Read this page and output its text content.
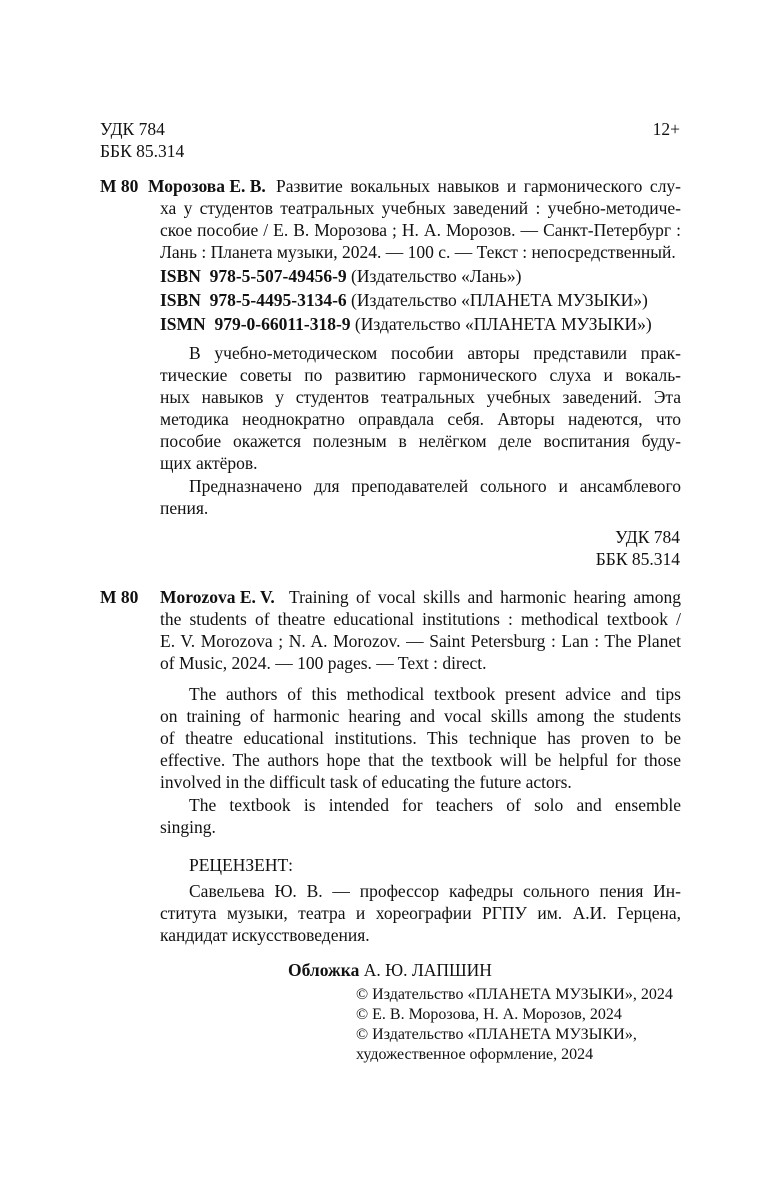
УДК 784
ББК 85.314
12+
М 80 Морозова Е. В. Развитие вокальных навыков и гармонического слу-
ха у студентов театральных учебных заведений : учебно-методиче-
ское пособие / Е. В. Морозова ; Н. А. Морозов. — Санкт-Петербург :
Лань : Планета музыки, 2024. — 100 с. — Текст : непосредственный.
ISBN  978-5-507-49456-9 (Издательство «Лань»)
ISBN  978-5-4495-3134-6 (Издательство «ПЛАНЕТА МУЗЫКИ»)
ISMN  979-0-66011-318-9 (Издательство «ПЛАНЕТА МУЗЫКИ»)
В учебно-методическом пособии авторы представили прак-
тические советы по развитию гармонического слуха и вокаль-
ных навыков у студентов театральных учебных заведений. Эта
методика неоднократно оправдала себя. Авторы надеются, что
пособие окажется полезным в нелёгком деле воспитания буду-
щих актёров.
Предназначено для преподавателей сольного и ансамблевого
пения.
УДК 784
ББК 85.314
М 80 Morozova E. V. Training of vocal skills and harmonic hearing among
the students of theatre educational institutions : methodical textbook /
E. V. Morozova ; N. A. Morozov. — Saint Petersburg : Lan : The Planet
of Music, 2024. — 100 pages. — Text : direct.
The authors of this methodical textbook present advice and tips
on training of harmonic hearing and vocal skills among the students
of theatre educational institutions. This technique has proven to be
effective. The authors hope that the textbook will be helpful for those
involved in the difficult task of educating the future actors.
The textbook is intended for teachers of solo and ensemble
singing.
РЕЦЕНЗЕНТ:
Савельева Ю. В. — профессор кафедры сольного пения Ин-
ститута музыки, театра и хореографии РГПУ им. А.И. Герцена,
кандидат искусствоведения.
Обложка А. Ю. ЛАПШИН
© Издательство «ПЛАНЕТА МУЗЫКИ», 2024
© Е. В. Морозова, Н. А. Морозов, 2024
© Издательство «ПЛАНЕТА МУЗЫКИ»,
художественное оформление, 2024
